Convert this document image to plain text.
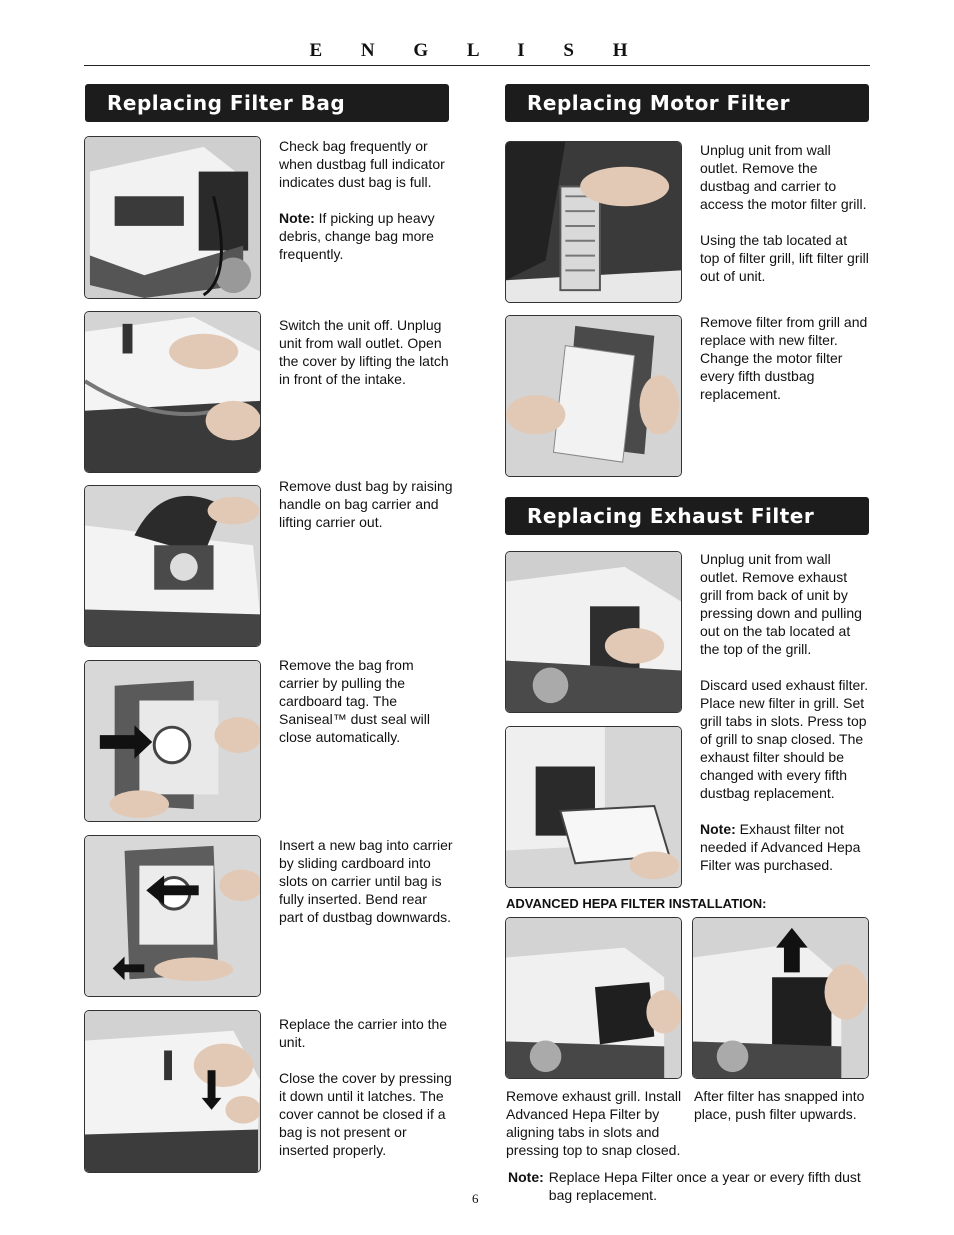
E N G L I S H
Replacing Filter Bag

Check bag frequently or when dustbag full indicator indicates dust bag is full.

Note: If picking up heavy debris, change bag more frequently.

Switch the unit off. Unplug unit from wall outlet. Open the cover by lifting the latch in front of the intake.

Remove dust bag by raising handle on bag carrier and lifting carrier out.

Remove the bag from carrier by pulling the cardboard tag. The Saniseal™ dust seal will close automatically.

Insert a new bag into carrier by sliding cardboard into slots on carrier until bag is fully inserted. Bend rear part of dustbag downwards.

Replace the carrier into the unit.

Close the cover by pressing it down until it latches. The cover cannot be closed if a bag is not present or inserted properly.

Replacing Motor Filter

Unplug unit from wall outlet. Remove the dustbag and carrier to access the motor filter grill.

Using the tab located at top of filter grill, lift filter grill out of unit.

Remove filter from grill and replace with new filter. Change the motor filter every fifth dustbag replacement.

Replacing Exhaust Filter

Unplug unit from wall outlet. Remove exhaust grill from back of unit by pressing down and pulling out on the tab located at the top of the grill.

Discard used exhaust filter. Place new filter in grill. Set grill tabs in slots. Press top of grill to snap closed. The exhaust filter should be changed with every fifth dustbag replacement.

Note: Exhaust filter not needed if Advanced Hepa Filter was purchased.

ADVANCED HEPA FILTER INSTALLATION:
Remove exhaust grill. Install Advanced Hepa Filter by aligning tabs in slots and pressing top to snap closed.
After filter has snapped into place, push filter upwards.
Note: Replace Hepa Filter once a year or every fifth dust bag replacement.
6
